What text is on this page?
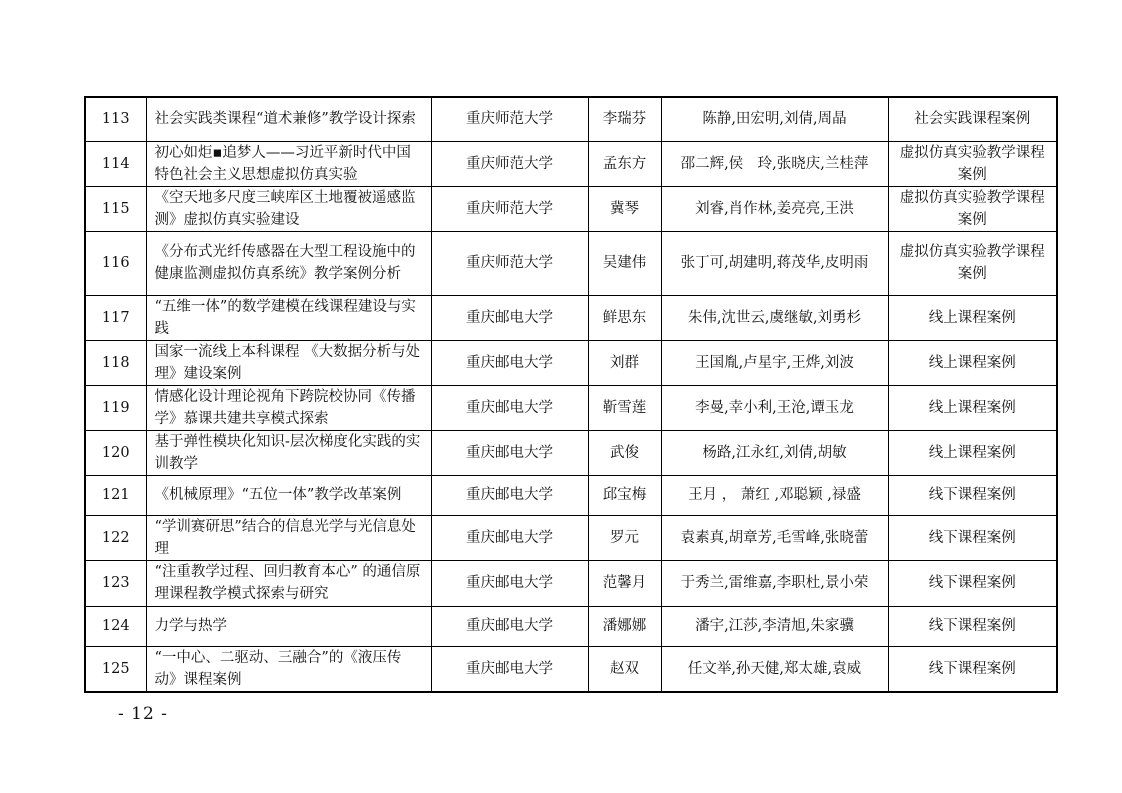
113	社会实践类课程“道术兼修”教学设计探索	重庆师范大学	李瑞芬	陈静,田宏明,刘倩,周晶	社会实践课程案例
114	初心如炬▪追梦人——习近平新时代中国特色社会主义思想虚拟仿真实验	重庆师范大学	孟东方	邵二辉,侯　玲,张晓庆,兰桂萍	虚拟仿真实验教学课程案例
115	《空天地多尺度三峡库区土地覆被遥感监测》虚拟仿真实验建设	重庆师范大学	冀琴	刘睿,肖作林,姜亮亮,王洪	虚拟仿真实验教学课程案例
116	《分布式光纤传感器在大型工程设施中的健康监测虚拟仿真系统》教学案例分析	重庆师范大学	吴建伟	张丁可,胡建明,蒋茂华,皮明雨	虚拟仿真实验教学课程案例
117	“五维一体”的数学建模在线课程建设与实践	重庆邮电大学	鲜思东	朱伟,沈世云,虞继敏,刘勇杉	线上课程案例
118	国家一流线上本科课程 《大数据分析与处理》建设案例	重庆邮电大学	刘群	王国胤,卢星宇,王烨,刘波	线上课程案例
119	情感化设计理论视角下跨院校协同《传播学》慕课共建共享模式探索	重庆邮电大学	靳雪莲	李曼,幸小利,王沧,谭玉龙	线上课程案例
120	基于弹性模块化知识-层次梯度化实践的实训教学	重庆邮电大学	武俊	杨路,江永红,刘倩,胡敏	线上课程案例
121	《机械原理》“五位一体”教学改革案例	重庆邮电大学	邱宝梅	王月 ， 萧红 ,邓聪颖 ,禄盛	线下课程案例
122	“学训赛研思”结合的信息光学与光信息处理	重庆邮电大学	罗元	袁素真,胡章芳,毛雪峰,张晓蕾	线下课程案例
123	“注重教学过程、回归教育本心” 的通信原理课程教学模式探索与研究	重庆邮电大学	范馨月	于秀兰,雷维嘉,李职杜,景小荣	线下课程案例
124	力学与热学	重庆邮电大学	潘娜娜	潘宇,江莎,李清旭,朱家骥	线下课程案例
125	“一中心、二驱动、三融合”的《液压传动》课程案例	重庆邮电大学	赵双	任文举,孙天健,郑太雄,袁威	线下课程案例
- 12 -
